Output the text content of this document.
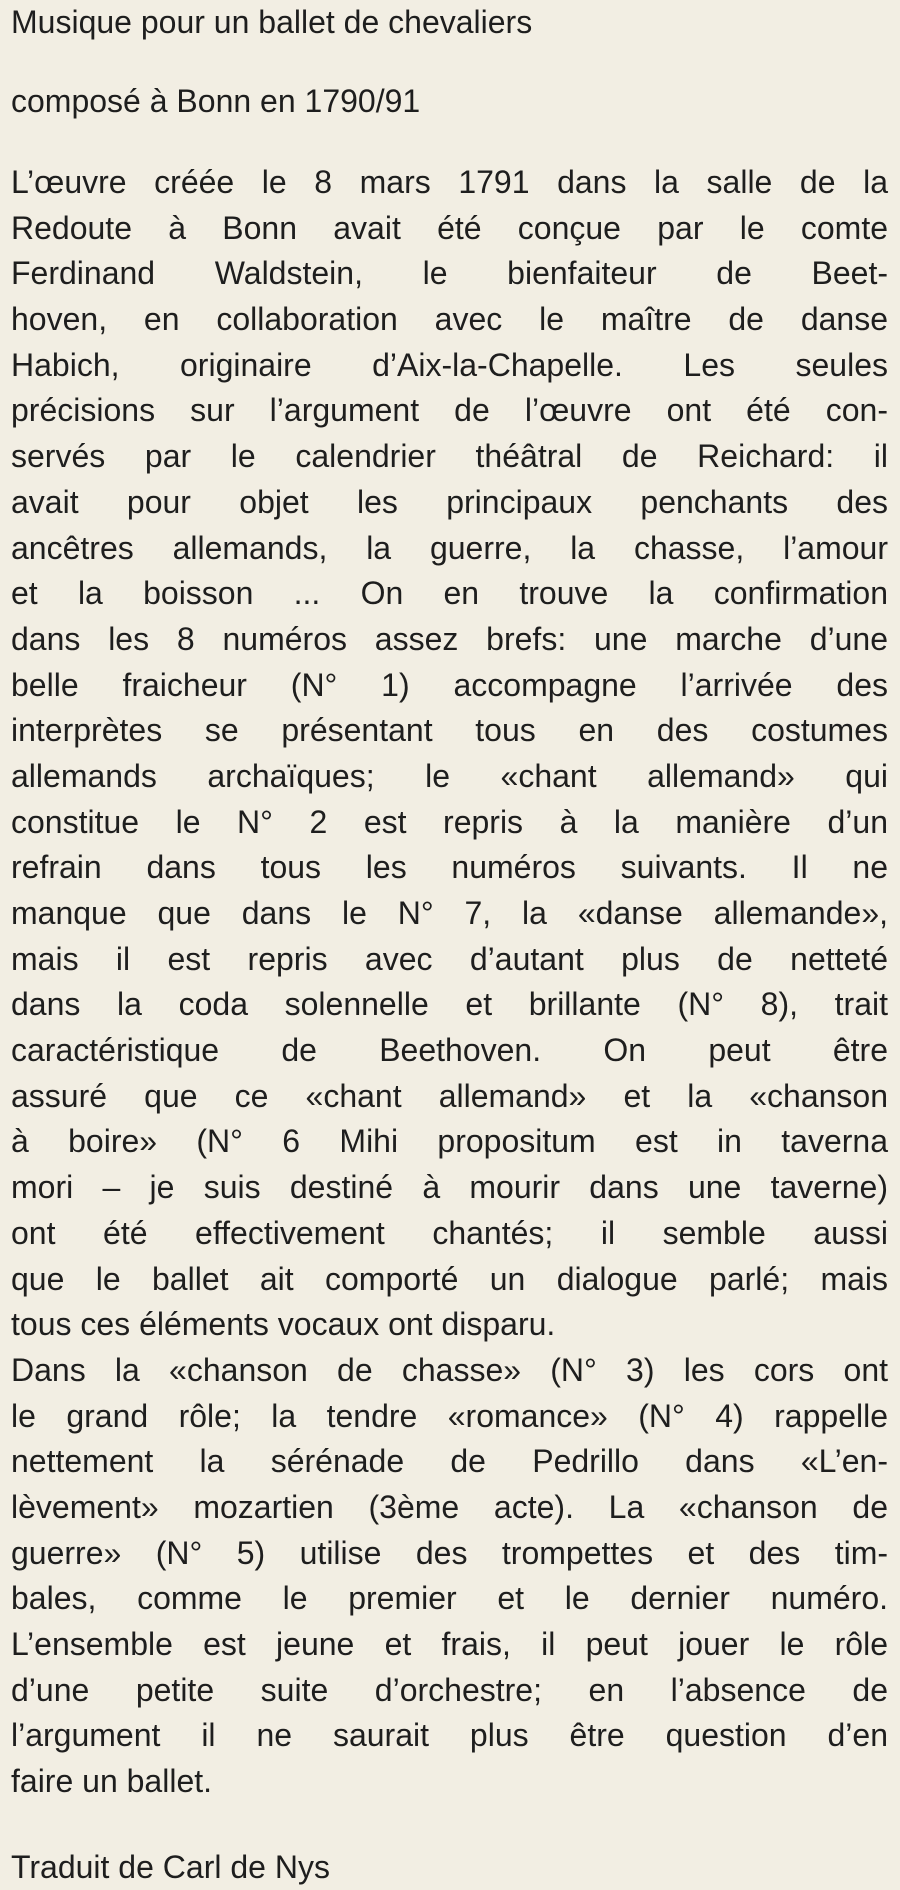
Musique pour un ballet de chevaliers

composé à Bonn en 1790/91

L’œuvre créée le 8 mars 1791 dans la salle de la
Redoute à Bonn avait été conçue par le comte
Ferdinand Waldstein, le bienfaiteur de Beet-
hoven, en collaboration avec le maître de danse
Habich, originaire d’Aix-la-Chapelle. Les seules
précisions sur l’argument de l’œuvre ont été con-
servés par le calendrier théâtral de Reichard: il
avait pour objet les principaux penchants des
ancêtres allemands, la guerre, la chasse, l’amour
et la boisson ... On en trouve la confirmation
dans les 8 numéros assez brefs: une marche d’une
belle fraicheur (N° 1) accompagne l’arrivée des
interprètes se présentant tous en des costumes
allemands archaïques; le «chant allemand» qui
constitue le N° 2 est repris à la manière d’un
refrain dans tous les numéros suivants. Il ne
manque que dans le N° 7, la «danse allemande»,
mais il est repris avec d’autant plus de netteté
dans la coda solennelle et brillante (N° 8), trait
caractéristique de Beethoven. On peut être
assuré que ce «chant allemand» et la «chanson
à boire» (N° 6 Mihi propositum est in taverna
mori – je suis destiné à mourir dans une taverne)
ont été effectivement chantés; il semble aussi
que le ballet ait comporté un dialogue parlé; mais
tous ces éléments vocaux ont disparu.
Dans la «chanson de chasse» (N° 3) les cors ont
le grand rôle; la tendre «romance» (N° 4) rappelle
nettement la sérénade de Pedrillo dans «L’en-
lèvement» mozartien (3ème acte). La «chanson de
guerre» (N° 5) utilise des trompettes et des tim-
bales, comme le premier et le dernier numéro.
L’ensemble est jeune et frais, il peut jouer le rôle
d’une petite suite d’orchestre; en l’absence de
l’argument il ne saurait plus être question d’en
faire un ballet.
Traduit de Carl de Nys
